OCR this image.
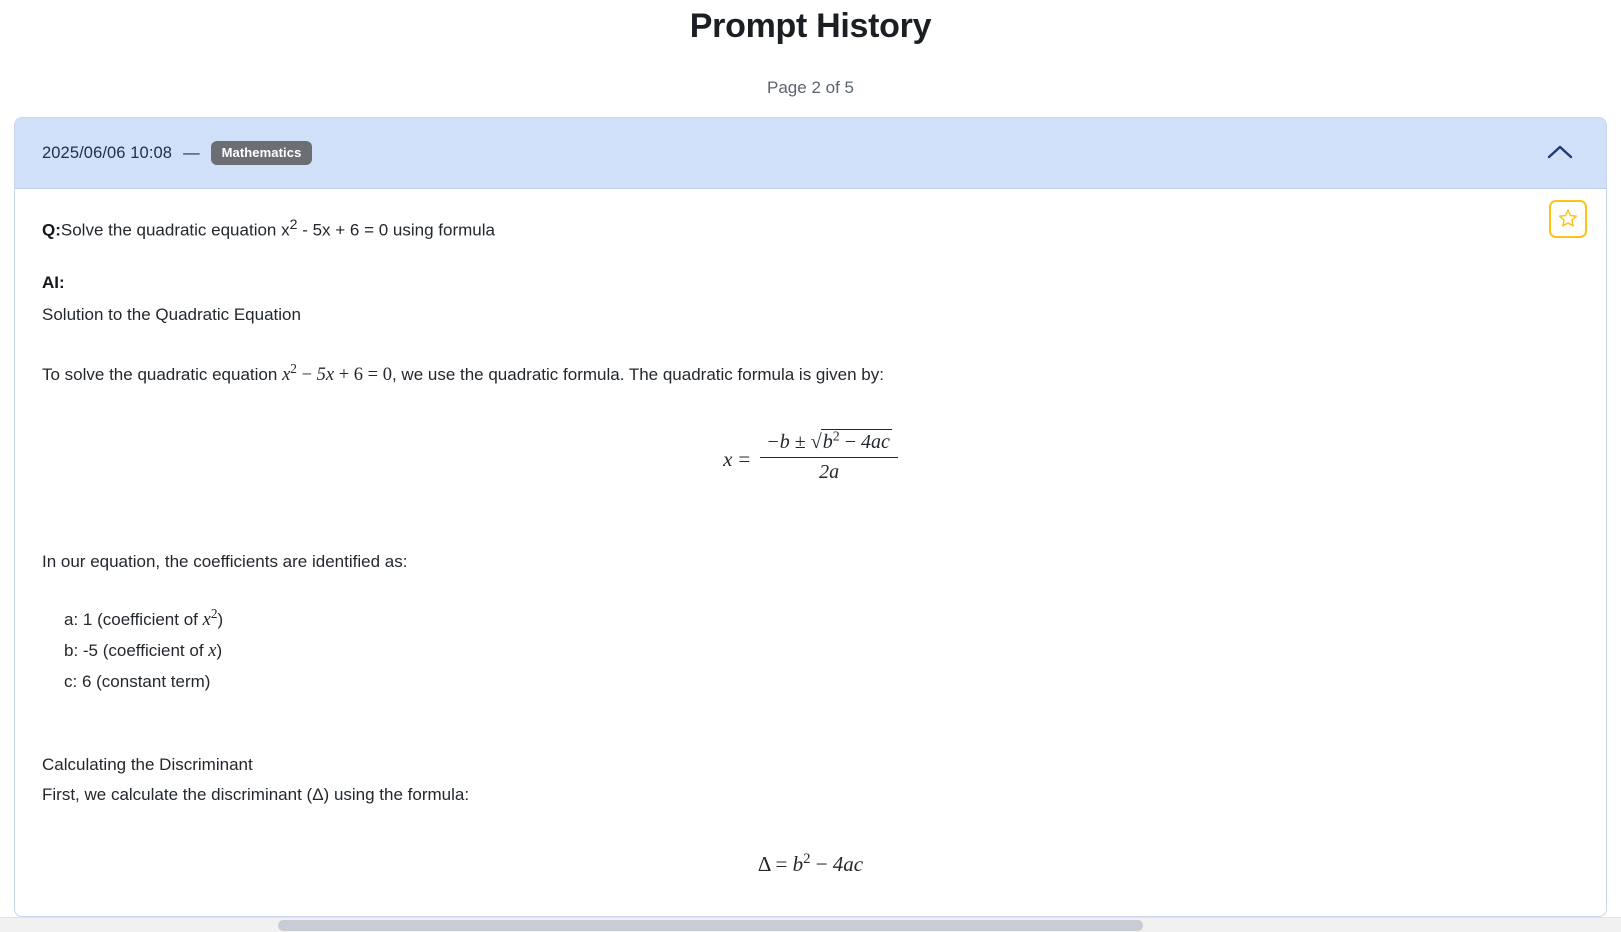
Prompt History
Page 2 of 5
2025/06/06 10:08 —	Mathematics

Q:Solve the quadratic equation $x^2 - 5x + 6 = 0$ using formula

AI:

Solution to the Quadratic Equation

To solve the quadratic equation $x^2 - 5x + 6 = 0$, we use the quadratic formula. The quadratic formula is given by:

$x = \frac{-b \pm √b^2 - 4ac}{2a}$

In our equation, the coefficients are identified as:

a: 1 (coefficient of $x^2$)
b: -5 (coefficient of x)
c: 6 (constant term)

Calculating the Discriminant

First, we calculate the discriminant (Δ) using the formula:

$\Delta = b^2 - 4ac$
